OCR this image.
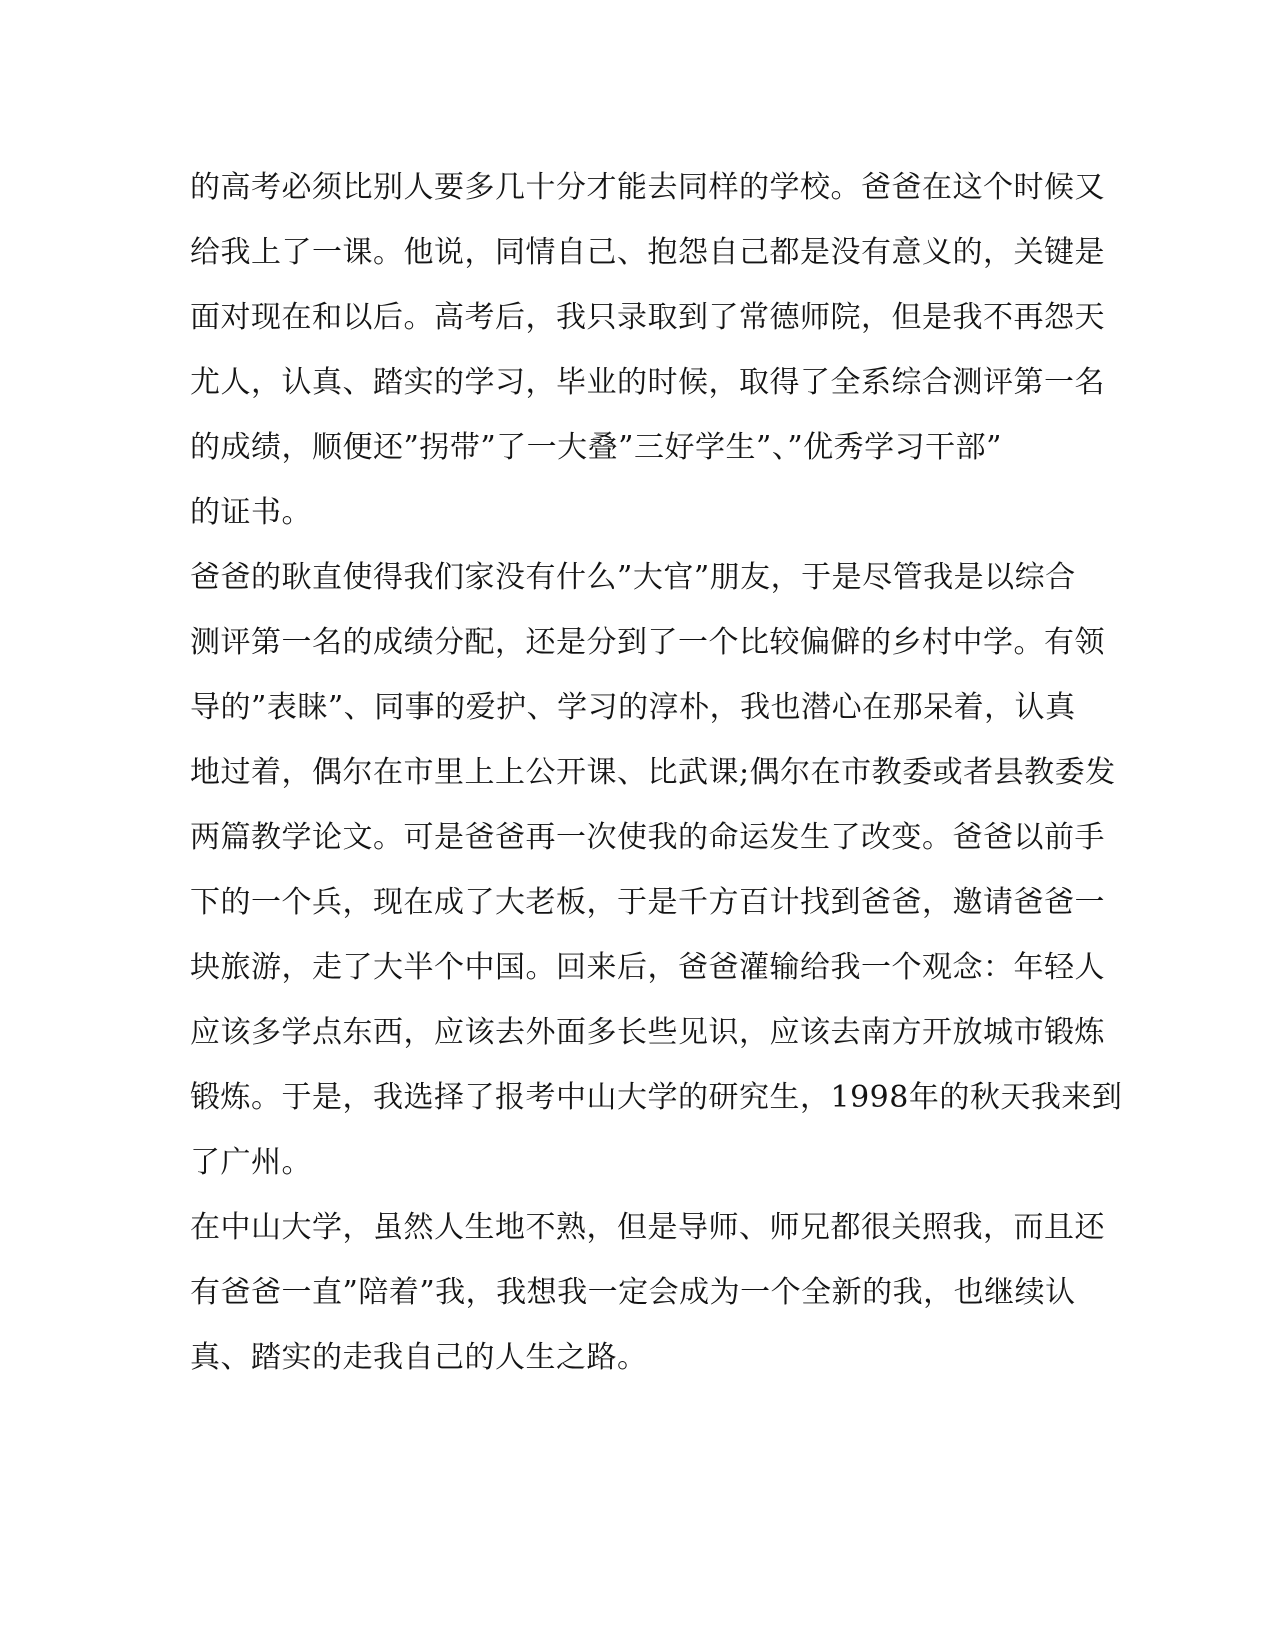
的高考必须比别人要多几十分才能去同样的学校。爸爸在这个时候又
给我上了一课。他说，同情自己、抱怨自己都是没有意义的，关键是
面对现在和以后。高考后，我只录取到了常德师院，但是我不再怨天
尤人，认真、踏实的学习，毕业的时候，取得了全系综合测评第一名
的成绩，顺便还”拐带”了一大叠”三好学生”、”优秀学习干部”
的证书。
爸爸的耿直使得我们家没有什么”大官”朋友，于是尽管我是以综合
测评第一名的成绩分配，还是分到了一个比较偏僻的乡村中学。有领
导的”表睐”、同事的爱护、学习的淳朴，我也潜心在那呆着，认真
地过着，偶尔在市里上上公开课、比武课;偶尔在市教委或者县教委发
两篇教学论文。可是爸爸再一次使我的命运发生了改变。爸爸以前手
下的一个兵，现在成了大老板，于是千方百计找到爸爸，邀请爸爸一
块旅游，走了大半个中国。回来后，爸爸灌输给我一个观念：年轻人
应该多学点东西，应该去外面多长些见识，应该去南方开放城市锻炼
锻炼。于是，我选择了报考中山大学的研究生，1998年的秋天我来到
了广州。
在中山大学，虽然人生地不熟，但是导师、师兄都很关照我，而且还
有爸爸一直”陪着”我，我想我一定会成为一个全新的我，也继续认
真、踏实的走我自己的人生之路。
